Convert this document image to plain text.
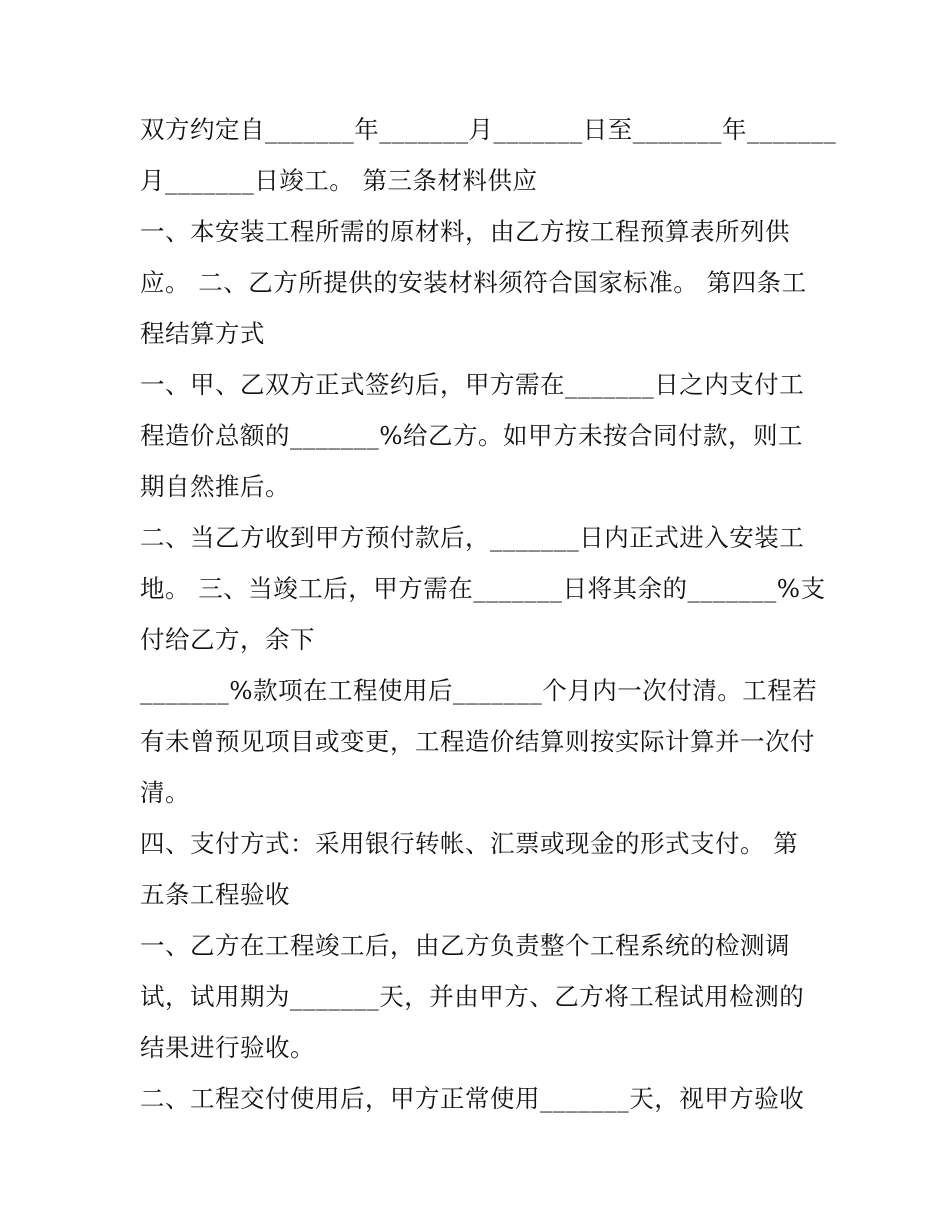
双方约定自_______年_______月_______日至_______年_______
月_______日竣工。 第三条材料供应
一、本安装工程所需的原材料，由乙方按工程预算表所列供
应。 二、乙方所提供的安装材料须符合国家标准。 第四条工
程结算方式
一、甲、乙双方正式签约后，甲方需在_______日之内支付工
程造价总额的_______%给乙方。如甲方未按合同付款，则工
期自然推后。
二、当乙方收到甲方预付款后，_______日内正式进入安装工
地。 三、当竣工后，甲方需在_______日将其余的_______%支
付给乙方，余下
_______%款项在工程使用后_______个月内一次付清。工程若
有未曾预见项目或变更，工程造价结算则按实际计算并一次付
清。
四、支付方式：采用银行转帐、汇票或现金的形式支付。 第
五条工程验收
一、乙方在工程竣工后，由乙方负责整个工程系统的检测调
试，试用期为_______天，并由甲方、乙方将工程试用检测的
结果进行验收。
二、工程交付使用后，甲方正常使用_______天，视甲方验收
